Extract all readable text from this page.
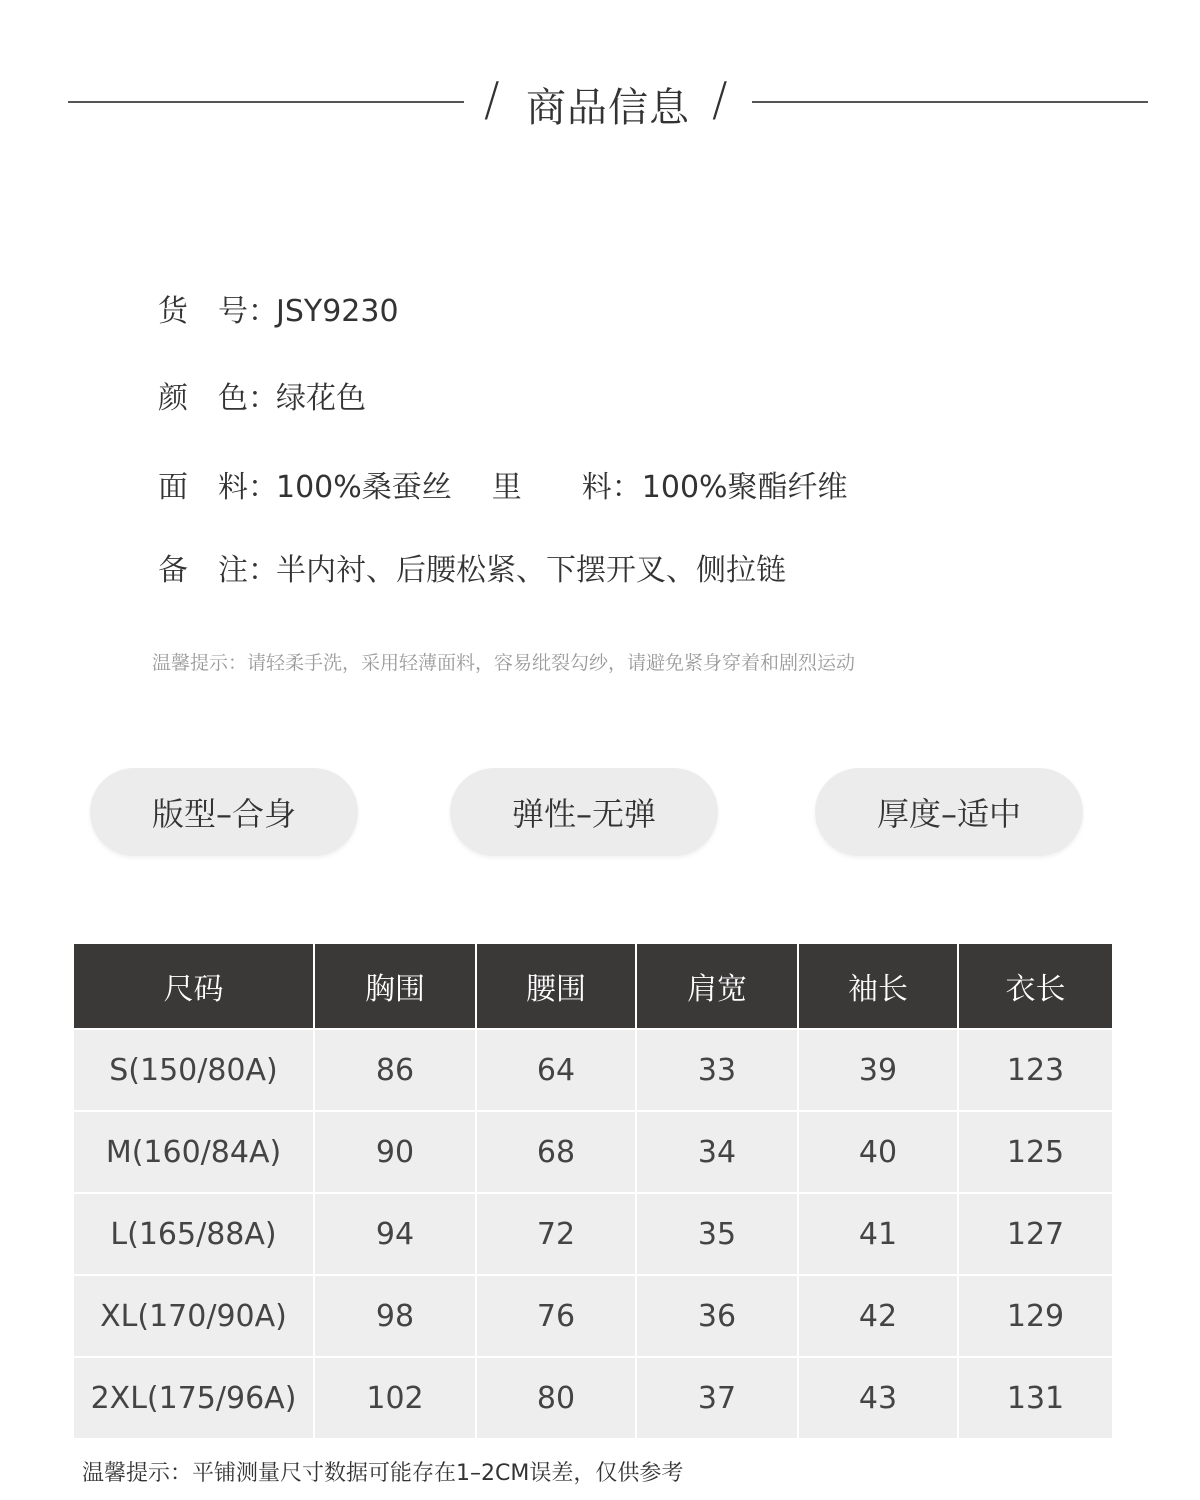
/ 商品信息 /
货　号：JSY9230
颜　色：绿花色
面　料：100%桑蚕丝 里　　料：100%聚酯纤维
备　注：半内衬、后腰松紧、下摆开叉、侧拉链
温馨提示：请轻柔手洗，采用轻薄面料，容易纰裂勾纱，请避免紧身穿着和剧烈运动
版型–合身	弹性–无弹	厚度–适中
尺码	胸围	腰围	肩宽	袖长	衣长
S(150/80A)	86	64	33	39	123
M(160/84A)	90	68	34	40	125
L(165/88A)	94	72	35	41	127
XL(170/90A)	98	76	36	42	129
2XL(175/96A)	102	80	37	43	131
温馨提示：平铺测量尺寸数据可能存在1–2CM误差，仅供参考
